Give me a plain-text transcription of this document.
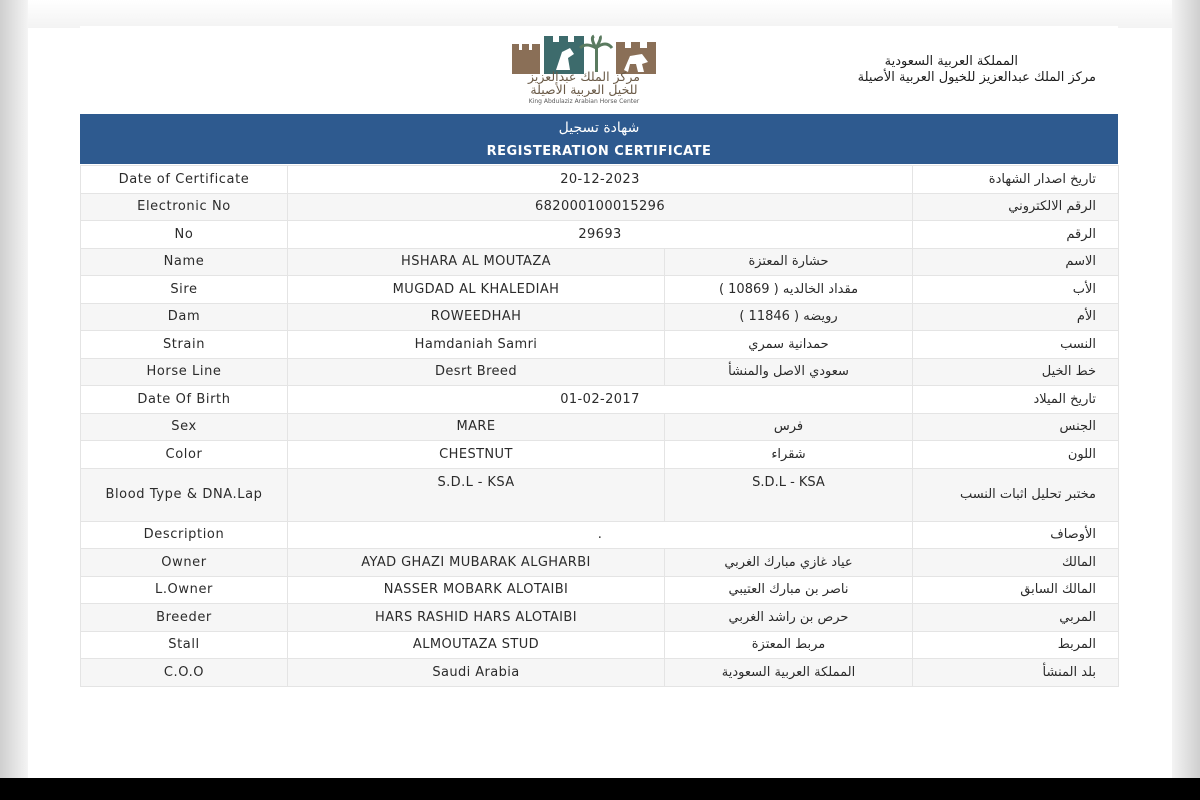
مركز الملك عبدالعزيز
للخيل العربية الأصيلة
King Abdulaziz Arabian Horse Center
المملكة العربية السعودية
مركز الملك عبدالعزيز للخيول العربية الأصيلة
شهادة تسجيل
REGISTERATION CERTIFICATE
Date of Certificate	20-12-2023		تاريخ اصدار الشهادة
Electronic No	682000100015296		الرقم الالكتروني
No	29693		الرقم
Name	HSHARA AL MOUTAZA	حشارة المعتزة	الاسم
Sire	MUGDAD AL KHALEDIAH	مقداد الخالديه ( 10869 )	الأب
Dam	ROWEEDHAH	رويضه ( 11846 )	الأم
Strain	Hamdaniah Samri	حمدانية سمري	النسب
Horse Line	Desrt Breed	سعودي الاصل والمنشأ	خط الخيل
Date Of Birth	01-02-2017		تاريخ الميلاد
Sex	MARE	فرس	الجنس
Color	CHESTNUT	شقراء	اللون
Blood Type & DNA.Lap	S.D.L - KSA	S.D.L - KSA	مختبر تحليل اثبات النسب
Description	.		الأوصاف
Owner	AYAD GHAZI MUBARAK ALGHARBI	عياد غازي مبارك الغربي	المالك
L.Owner	NASSER MOBARK ALOTAIBI	ناصر بن مبارك العتيبي	المالك السابق
Breeder	HARS RASHID HARS ALOTAIBI	حرص بن راشد الغربي	المربي
Stall	ALMOUTAZA STUD	مربط المعتزة	المربط
C.O.O	Saudi Arabia	المملكة العربية السعودية	بلد المنشأ
